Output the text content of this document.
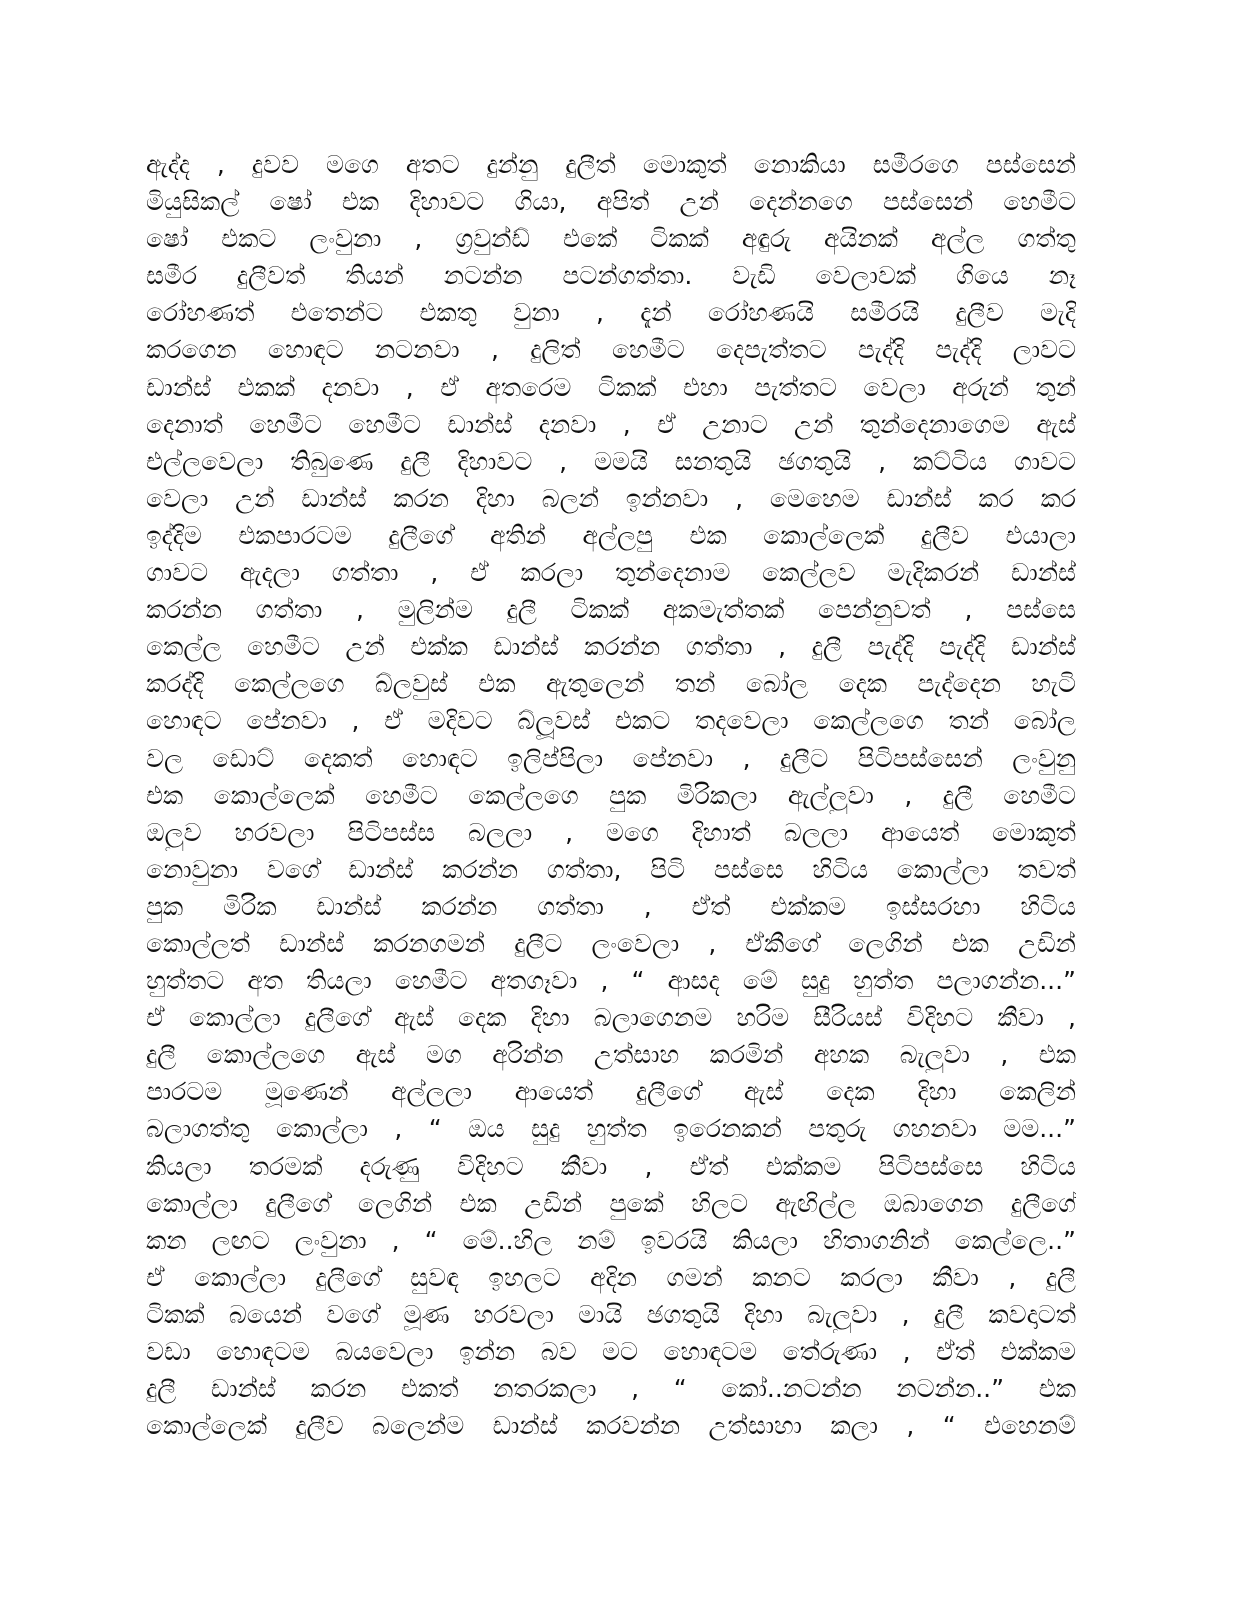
ඇද්ද , දුවව මගෙ අතට දුන්නු දුලීත් මොකුත් නොකියා සමීරගෙ පස්සෙන්
මියුසිකල් ෂෝ එක දිහාවට ගියා, අපිත් උන් දෙන්නගෙ පස්සෙන් හෙමීට
ෂෝ එකට ලංවුනා , ග්‍රවුන්ඩ් එකේ ටිකක් අඳුරු අයිනක් අල්ල ගත්තු
සමීර දුලීවත් තියන් නටන්න පටන්ගත්තා. වැඩි වෙලාවක් ගියෙ නෑ
රෝහණත් එතෙන්ට එකතු වුනා , දැන් රෝහණයි සමීරයි දුලීව මැදි
කරගෙන හොඳට නටනවා , දුලිත් හෙමීට දෙපැත්තට පැද්දි පැද්දි ලාවට
ඩාන්ස් එකක් දනවා , ඒ අතරෙම ටිකක් එහා පැත්තට වෙලා අරුන් තුන්
දෙනාත් හෙමීට හෙමීට ඩාන්ස් දනවා , ඒ උනාට උන් තුන්දෙනාගෙම ඇස්
එල්ලවෙලා තිබුණෙ දුලී දිහාවට , මමයි සනතුයි ඡගතුයි , කට්ටිය ගාවට
වෙලා උන් ඩාන්ස් කරන දිහා බලන් ඉන්නවා , මෙහෙම ඩාන්ස් කර කර
ඉද්දිම එකපාරටම දුලීගේ අතින් අල්ලපු එක කොල්ලෙක් දුලීව එයාලා
ගාවට ඇදලා ගත්තා , ඒ කරලා තුන්දෙනාම කෙල්ලව මැදිකරන් ඩාන්ස්
කරන්න ගත්තා , මුලින්ම දුලී ටිකක් අකමැත්තක් පෙන්නුවත් , පස්සෙ
කෙල්ල හෙමීට උන් එක්ක ඩාන්ස් කරන්න ගත්තා , දුලී පැද්දි පැද්දි ඩාන්ස්
කරද්දි කෙල්ලගෙ බ්ලවුස් එක ඇතුලෙන් තන් බෝල දෙක පැද්දෙන හැටි
හොඳට පේනවා , ඒ මදිවට බ්ලූවස් එකට තදවෙලා කෙල්ලගෙ තන් බෝල
වල ඩොට් දෙකත් හොඳට ඉලිප්පිලා පේනවා , දුලීට පිටිපස්සෙන් ලංවුනු
එක කොල්ලෙක් හෙමීට කෙල්ලගෙ පුක මිරිකලා ඇල්ලුවා , දුලී හෙමීට
ඔලුව හරවලා පිටිපස්ස බලලා , මගෙ දිහාත් බලලා ආයෙත් මොකුත්
නොවුනා වගේ ඩාන්ස් කරන්න ගත්තා, පිටි පස්සෙ හිටිය කොල්ලා තවත්
පුක මිරික ඩාන්ස් කරන්න ගත්තා , ඒත් එක්කම ඉස්සරහා හිටිය
කොල්ලත් ඩාන්ස් කරනගමන් දුලීට ලංවෙලා , ඒකීගේ ලෙගින් එක උඩින්
හුත්තට අත තියලා හෙමීට අතගෑවා , “ ආසද මේ සුදු හුත්ත පලාගන්න...”
ඒ කොල්ලා දුලීගේ ඇස් දෙක දිහා බලාගෙනම හරිම සීරියස් විදිහට කීවා ,
දුලී කොල්ලගෙ ඇස් මග අරින්න උත්සාහ කරමින් අහක බැලුවා , එක
පාරටම මූණෙන් අල්ලලා ආයෙත් දුලීගේ ඇස් දෙක දිහා කෙලින්
බලාගත්තු කොල්ලා , “ ඔය සුදු හුත්ත ඉරෙනකන් පතුරු ගහනවා මම...”
කියලා තරමක් දරුණු විදිහට කීවා , ඒත් එක්කම පිටිපස්සෙ හිටිය
කොල්ලා දුලීගේ ලෙගින් එක උඩින් පුකේ හිලට ඇඟිල්ල ඔබාගෙන දුලීගේ
කන ලඟට ලංවුනා , “ මේ..හිල නම් ඉවරයි කියලා හිතාගනින් කෙල්ලෙ..”
ඒ කොල්ලා දුලීගේ සුවඳ ඉහලට අදින ගමන් කනට කරලා කීවා , දුලී
ටිකක් බයෙන් වගේ මූණ හරවලා මායි ඡගතුයි දිහා බැලුවා , දුලී කවදාටත්
වඩා හොඳටම බයවෙලා ඉන්න බව මට හොඳටම තේරුණා , ඒත් එක්කම
දුලී ඩාන්ස් කරන එකත් නතරකලා , “ කෝ..නටන්න නටන්න..” එක
කොල්ලෙක් දුලීව බලෙන්ම ඩාන්ස් කරවන්න උත්සාහා කලා , “ එහෙනම්
